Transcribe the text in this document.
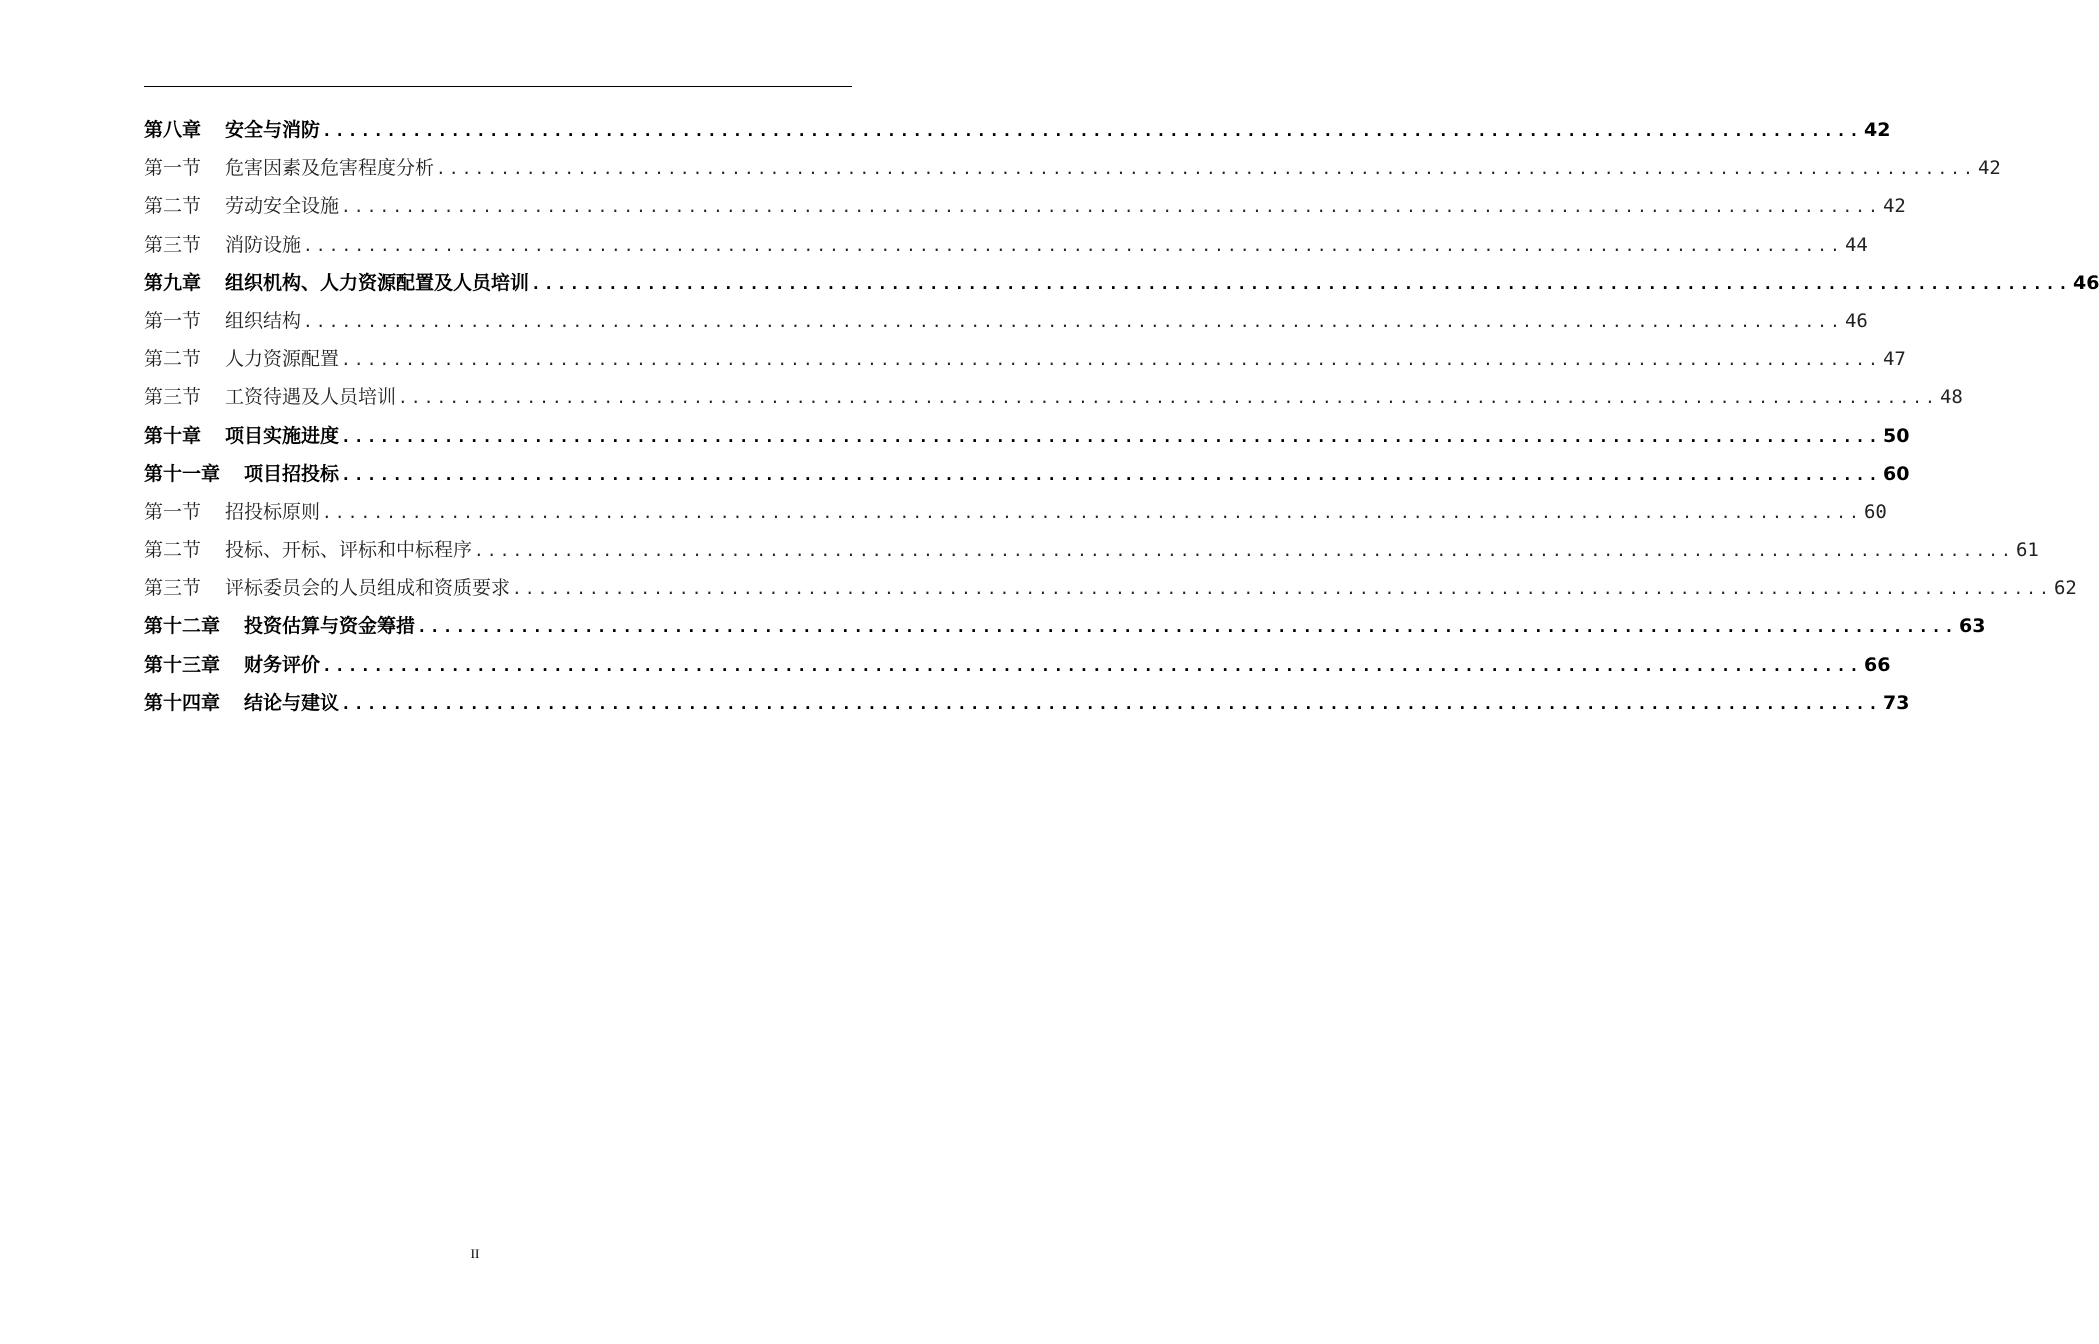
第八章 安全与消防 ........................................................................................................................ 42
第一节 危害因素及危害程度分析 ........................................................................................................................ 42
第二节 劳动安全设施 ........................................................................................................................ 42
第三节 消防设施 ........................................................................................................................ 44
第九章 组织机构、人力资源配置及人员培训 ........................................................................................................................ 46
第一节 组织结构 ........................................................................................................................ 46
第二节 人力资源配置 ........................................................................................................................ 47
第三节 工资待遇及人员培训 ........................................................................................................................ 48
第十章 项目实施进度 ........................................................................................................................ 50
第十一章 项目招投标 ........................................................................................................................ 60
第一节 招投标原则 ........................................................................................................................ 60
第二节 投标、开标、评标和中标程序 ........................................................................................................................ 61
第三节 评标委员会的人员组成和资质要求 ........................................................................................................................ 62
第十二章 投资估算与资金筹措 ........................................................................................................................ 63
第十三章 财务评价 ........................................................................................................................ 66
第十四章 结论与建议 ........................................................................................................................ 73
II
